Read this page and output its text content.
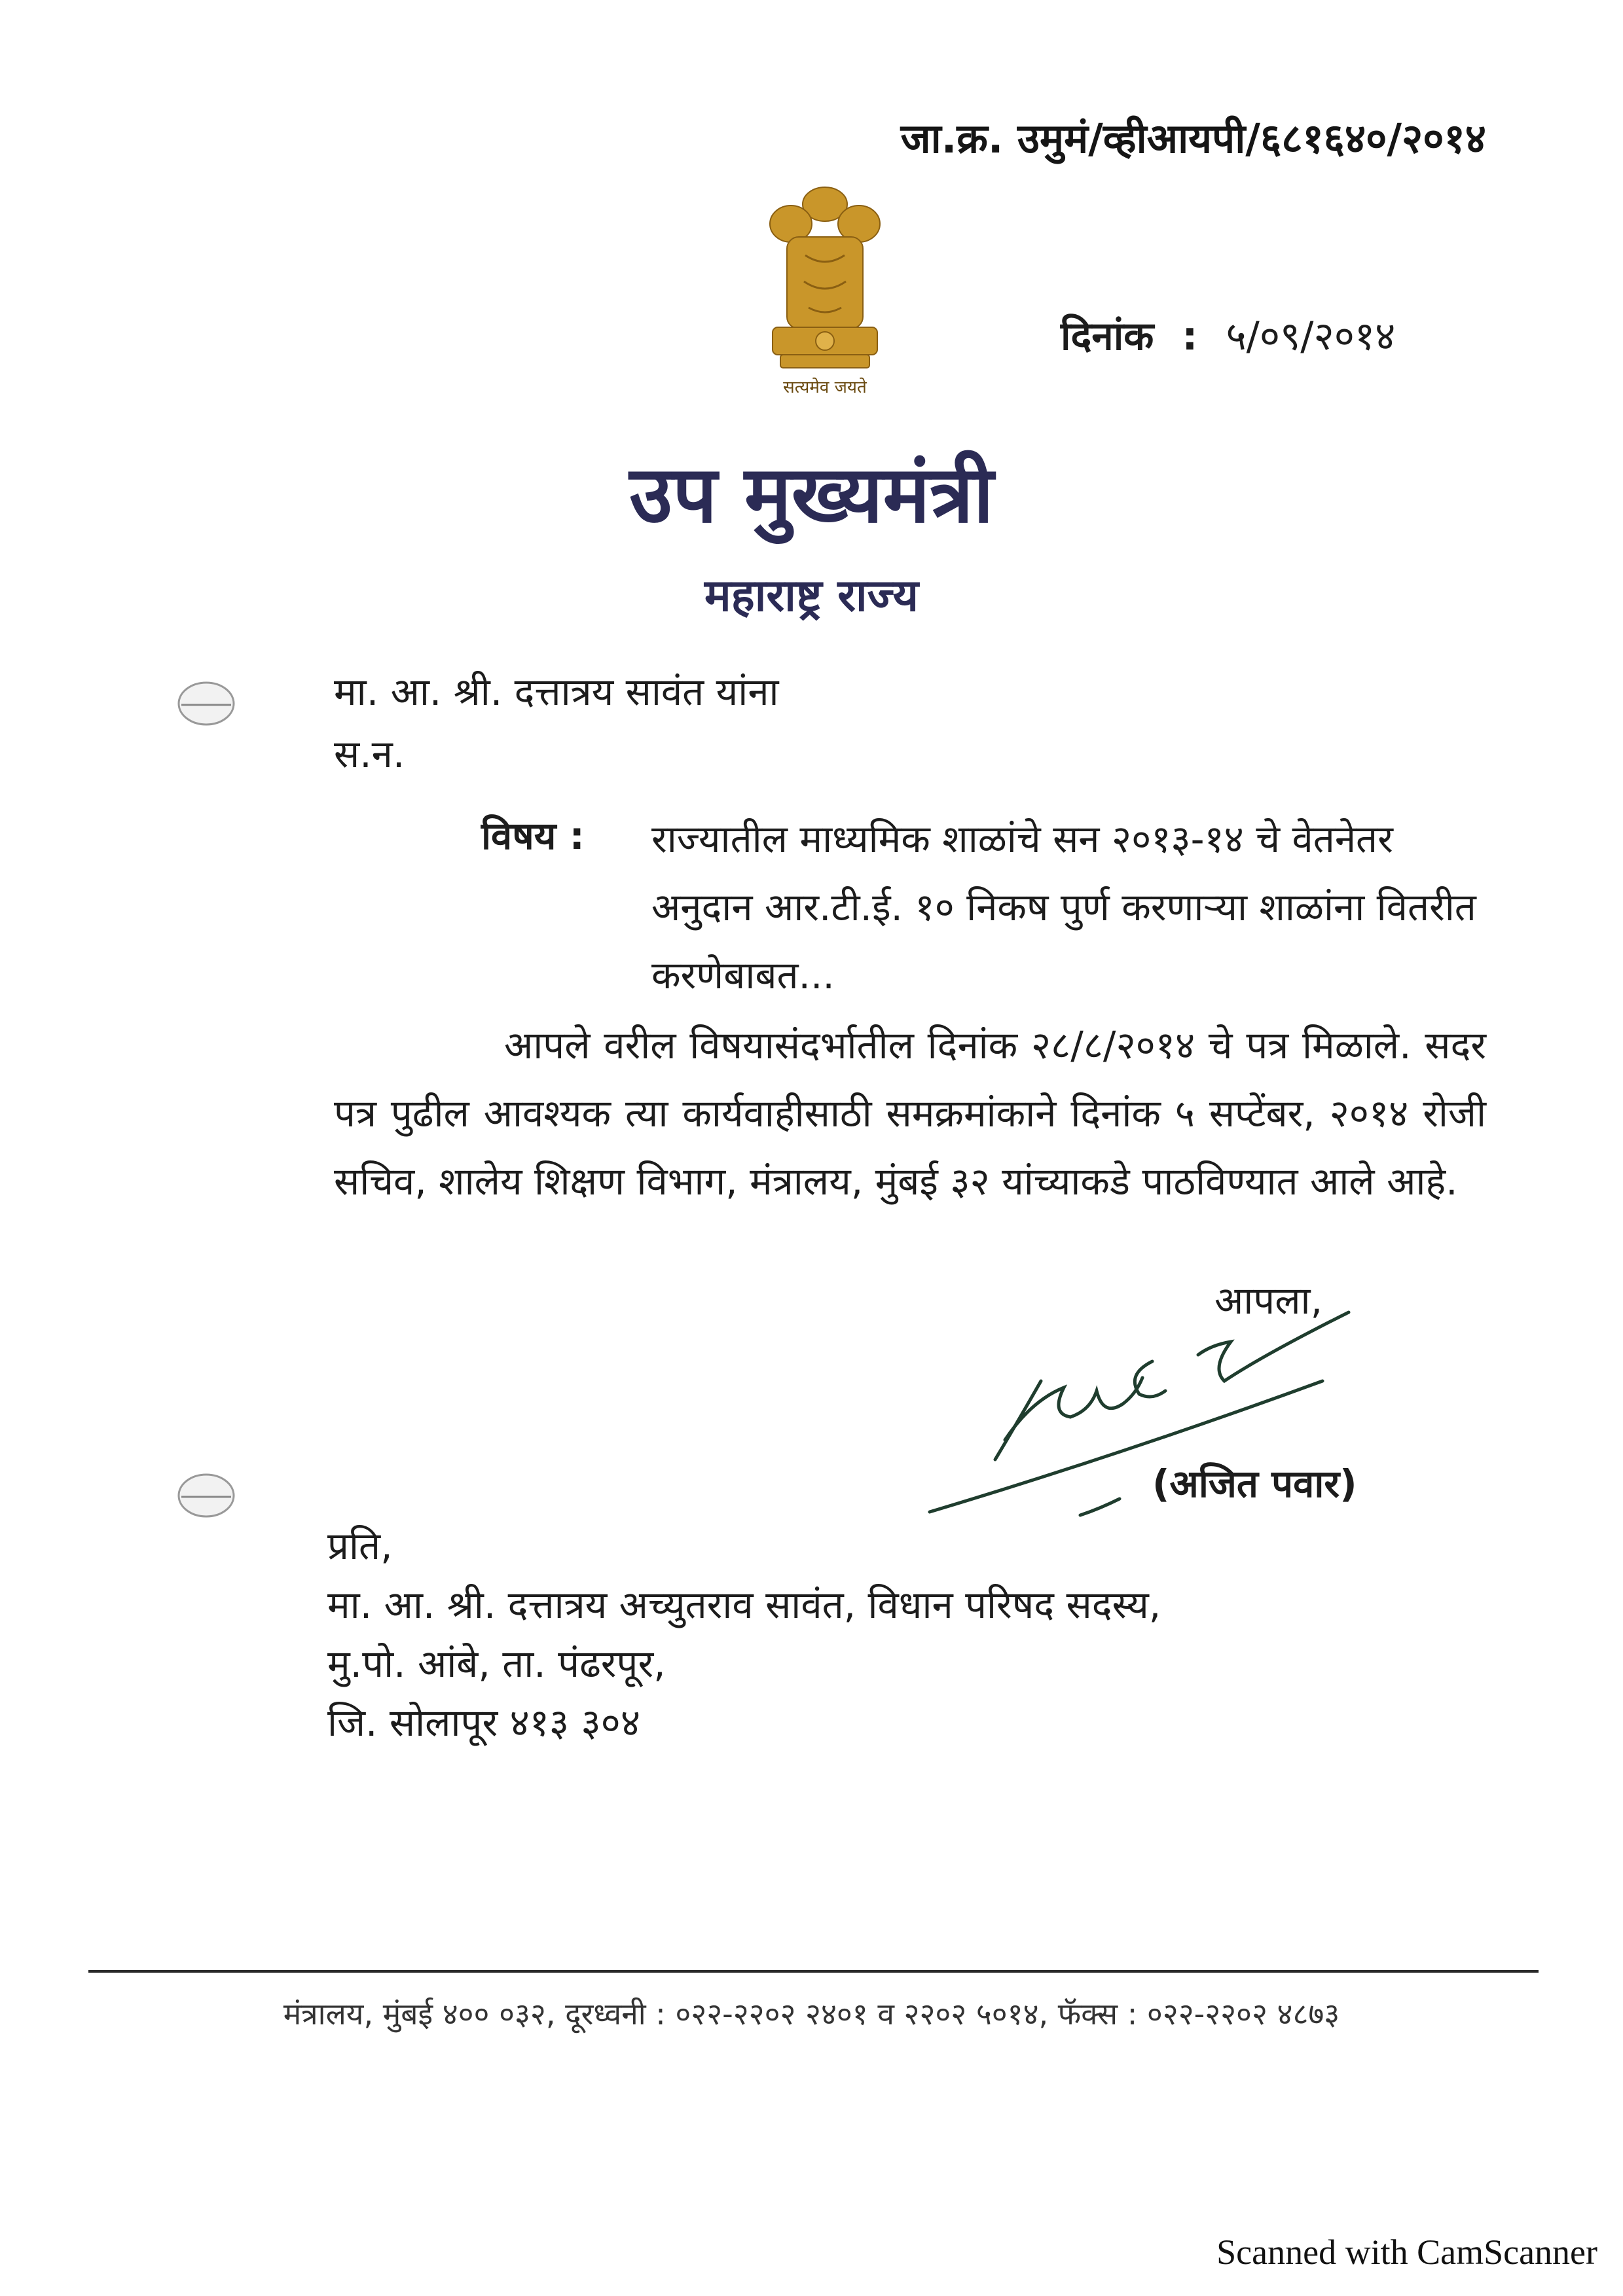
जा.क्र. उमुमं/व्हीआयपी/६८१६४०/२०१४
सत्यमेव जयते
दिनांक : ५/०९/२०१४
उप मुख्यमंत्री
महाराष्ट्र राज्य
मा. आ. श्री. दत्तात्रय सावंत यांना
स.न.
विषय : राज्यातील माध्यमिक शाळांचे सन २०१३-१४ चे वेतनेतर अनुदान आर.टी.ई. १० निकष पुर्ण करणाऱ्या शाळांना वितरीत करणेबाबत...
आपले वरील विषयासंदर्भातील दिनांक २८/८/२०१४ चे पत्र मिळाले. सदर पत्र पुढील आवश्यक त्या कार्यवाहीसाठी समक्रमांकाने दिनांक ५ सप्टेंबर, २०१४ रोजी सचिव, शालेय शिक्षण विभाग, मंत्रालय, मुंबई ३२ यांच्याकडे पाठविण्यात आले आहे.
आपला,
(अजित पवार)
प्रति,
मा. आ. श्री. दत्तात्रय अच्युतराव सावंत, विधान परिषद सदस्य,
मु.पो. आंबे, ता. पंढरपूर,
जि. सोलापूर ४१३ ३०४
मंत्रालय, मुंबई ४०० ०३२, दूरध्वनी : ०२२-२२०२ २४०१ व २२०२ ५०१४, फॅक्स : ०२२-२२०२ ४८७३
Scanned with CamScanner
